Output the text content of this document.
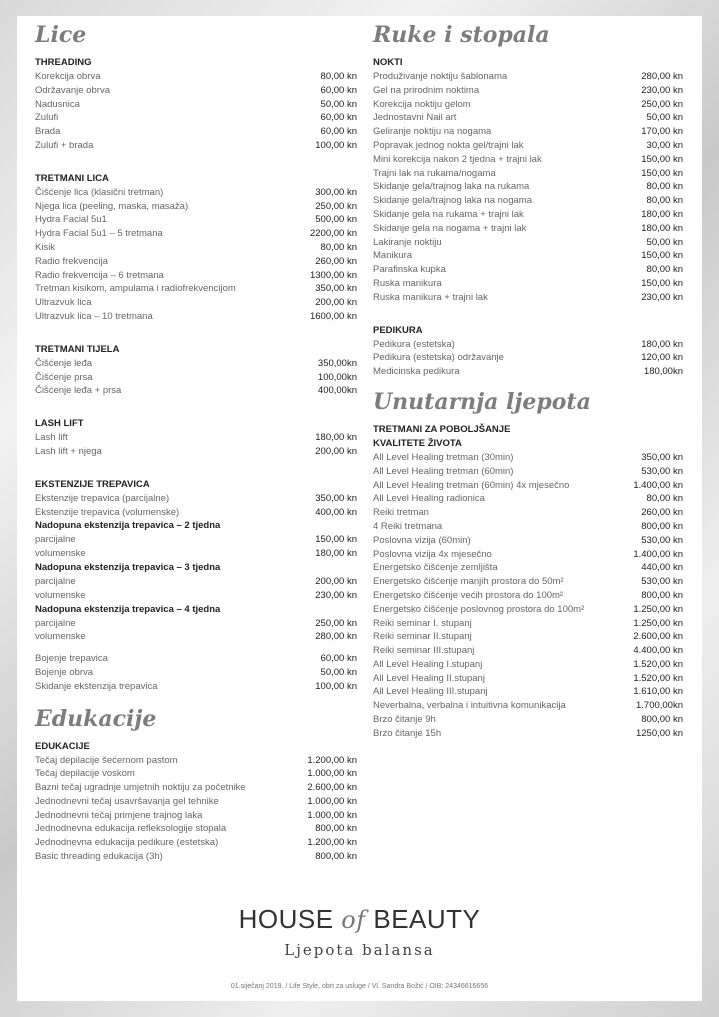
Lice
THREADING
Korekcija obrva	80,00 kn
Održavanje obrva	60,00 kn
Nadusnica	50,00 kn
Zulufi	60,00 kn
Brada	60,00 kn
Zulufi + brada	100,00 kn
TRETMANI LICA
Čišćenje lica (klasični tretman)	300,00 kn
Njega lica (peeling, maska, masaža)	250,00 kn
Hydra Facial 5u1	500,00 kn
Hydra Facial 5u1 – 5 tretmana	2200,00 kn
Kisik	80,00 kn
Radio frekvencija	260,00 kn
Radio frekvencija – 6 tretmana	1300,00 kn
Tretman kisikom, ampulama i radiofrekvencijom	350,00 kn
Ultrazvuk lica	200,00 kn
Ultrazvuk lica – 10 tretmana	1600,00 kn
TRETMANI TIJELA
Čišćenje leđa	350,00kn
Čišćenje prsa	100,00kn
Čišćenje leđa + prsa	400,00kn
LASH LIFT
Lash lift	180,00 kn
Lash lift + njega	200,00 kn
EKSTENZIJE TREPAVICA
Ekstenzije trepavica (parcijalne)	350,00 kn
Ekstenzije trepavica (volumenske)	400,00 kn
Nadopuna ekstenzija trepavica – 2 tjedna
parcijalne	150,00 kn
volumenske	180,00 kn
Nadopuna ekstenzija trepavica – 3 tjedna
parcijalne	200,00 kn
volumenske	230,00 kn
Nadopuna ekstenzija trepavica – 4 tjedna
parcijalne	250,00 kn
volumenske	280,00 kn
Bojenje trepavica	60,00 kn
Bojenje obrva	50,00 kn
Skidanje ekstenzija trepavica	100,00 kn
Edukacije
EDUKACIJE
Tečaj depilacije šećernom pastom	1.200,00 kn
Tečaj depilacije voskom	1.000,00 kn
Bazni tečaj ugradnje umjetnih noktiju za početnike	2.600,00 kn
Jednodnevni tečaj usavršavanja gel tehnike	1.000,00 kn
Jednodnevni tečaj primjene trajnog laka	1.000,00 kn
Jednodnevna edukacija refleksologije stopala	800,00 kn
Jednodnevna edukacija pedikure (estetska)	1.200,00 kn
Basic threading edukacija (3h)	800,00 kn
Ruke i stopala
NOKTI
Produživanje noktiju šablonama	280,00 kn
Gel na prirodnim noktima	230,00 kn
Korekcija noktiju gelom	250,00 kn
Jednostavni Nail art	50,00 kn
Geliranje noktiju na nogama	170,00 kn
Popravak jednog nokta gel/trajni lak	30,00 kn
Mini korekcija nakon 2 tjedna + trajni lak	150,00 kn
Trajni lak na rukama/nogama	150,00 kn
Skidanje gela/trajnog laka na rukama	80,00 kn
Skidanje gela/trajnog laka na nogama	80,00 kn
Skidanje gela na rukama + trajni lak	180,00 kn
Skidanje gela na nogama + trajni lak	180,00 kn
Lakiranje noktiju	50,00 kn
Manikura	150,00 kn
Parafinska kupka	80,00 kn
Ruska manikura	150,00 kn
Ruska manikura + trajni lak	230,00 kn
PEDIKURA
Pedikura (estetska)	180,00 kn
Pedikura (estetska) održavanje	120,00 kn
Medicinska pedikura	180,00kn
Unutarnja ljepota
TRETMANI ZA POBOLJŠANJE
KVALITETE ŽIVOTA
All Level Healing tretman (30min)	350,00 kn
All Level Healing tretman (60min)	530,00 kn
All Level Healing tretman (60min) 4x mjesečno	1.400,00 kn
All Level Healing radionica	80,00 kn
Reiki tretman	260,00 kn
4 Reiki tretmana	800,00 kn
Poslovna vizija (60min)	530,00 kn
Poslovna vizija 4x mjesečno	1.400,00 kn
Energetsko čišćenje zemljišta	440,00 kn
Energetsko čišćenje manjih prostora do 50m²	530,00 kn
Energetsko čišćenje većih prostora do 100m²	800,00 kn
Energetsko čišćenje poslovnog prostora do 100m²	1.250,00 kn
Reiki seminar I. stupanj	1.250,00 kn
Reiki seminar II.stupanj	2.600,00 kn
Reiki seminar III.stupanj	4.400,00 kn
All Level Healing I.stupanj	1.520,00 kn
All Level Healing II.stupanj	1.520,00 kn
All Level Healing III.stupanj	1.610,00 kn
Neverbalna, verbalna i intuitivna komunikacija	1.700,00kn
Brzo čitanje 9h	800,00 kn
Brzo čitanje 15h	1250,00 kn
HOUSE of BEAUTY
Ljepota balansa
01.siječanj 2019. / Life Style, obrt za usluge / Vl. Sandra Božić / OIB: 24346616656
